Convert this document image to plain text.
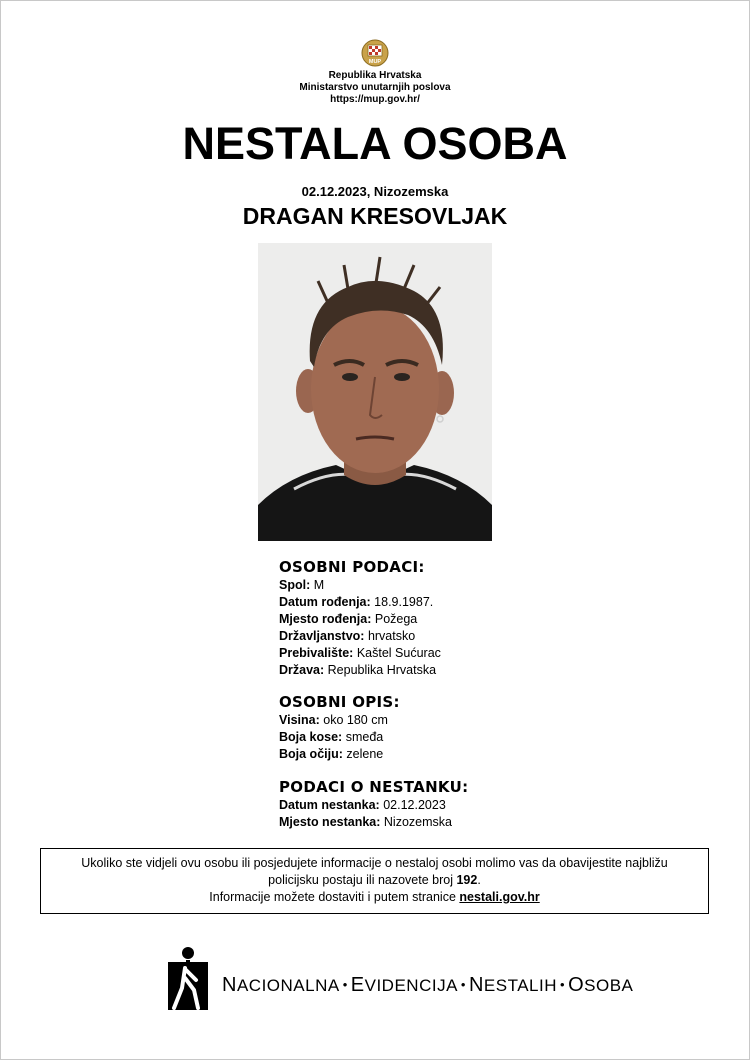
MUP
Republika Hrvatska
Ministarstvo unutarnjih poslova
https://mup.gov.hr/
NESTALA OSOBA
02.12.2023, Nizozemska
DRAGAN KRESOVLJAK
OSOBNI PODACI:
Spol: M
Datum rođenja: 18.9.1987.
Mjesto rođenja: Požega
Državljanstvo: hrvatsko
Prebivalište: Kaštel Sućurac
Država: Republika Hrvatska
OSOBNI OPIS:
Visina: oko 180 cm
Boja kose: smeđa
Boja očiju: zelene
PODACI O NESTANKU:
Datum nestanka: 02.12.2023
Mjesto nestanka: Nizozemska
Ukoliko ste vidjeli ovu osobu ili posjedujete informacije o nestaloj osobi molimo vas da obavijestite najbližu
policijsku postaju ili nazovete broj 192.
Informacije možete dostaviti i putem stranice nestali.gov.hr
NACIONALNA • EVIDENCIJA • NESTALIH • OSOBA
